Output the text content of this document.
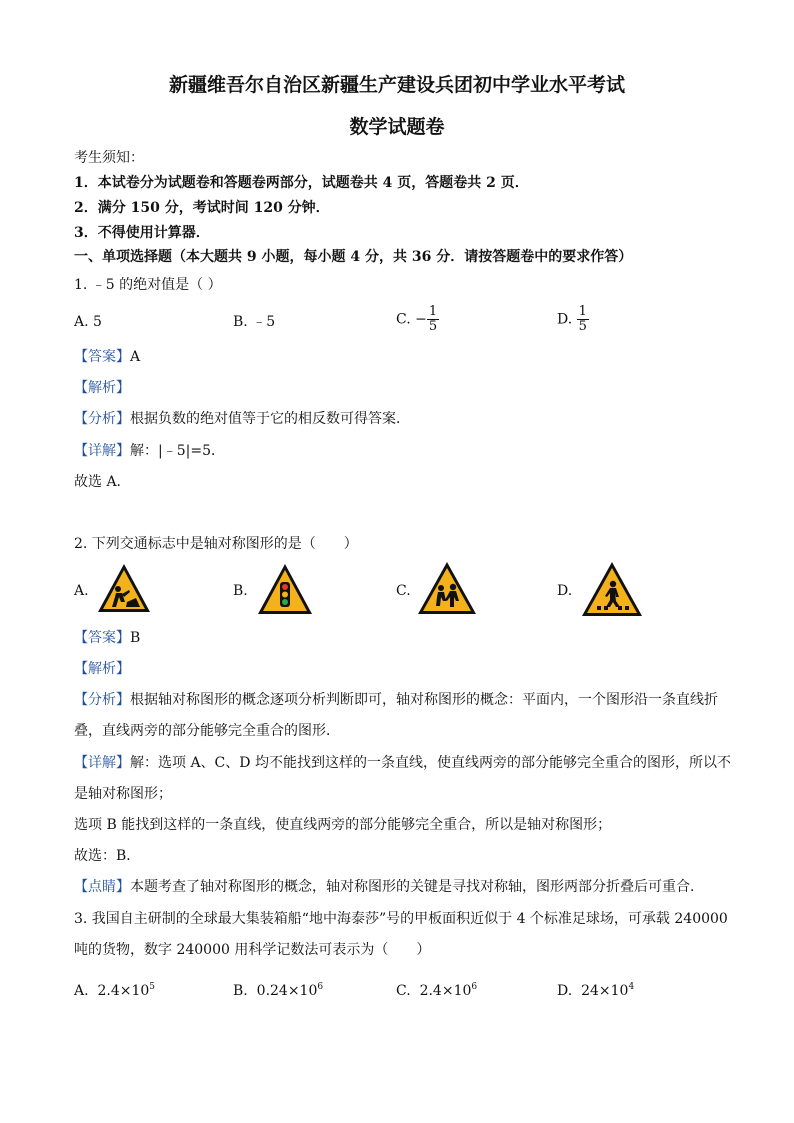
新疆维吾尔自治区新疆生产建设兵团初中学业水平考试
数学试题卷
考生须知：
1．本试卷分为试题卷和答题卷两部分，试题卷共 4 页，答题卷共 2 页．
2．满分 150 分，考试时间 120 分钟．
3．不得使用计算器．
一、单项选择题（本大题共 9 小题，每小题 4 分，共 36 分．请按答题卷中的要求作答）
1. ﹣5 的绝对值是（ ）
A. 5	B. ﹣5	C. − $\frac{1}{5}$	D. $\frac{1}{5}$
【答案】A
【解析】
【分析】根据负数的绝对值等于它的相反数可得答案．
【详解】解：|﹣5|=5．
故选 A．
2. 下列交通标志中是轴对称图形的是（　　）
A.	B.	C.	D.
【答案】B
【解析】
【分析】根据轴对称图形的概念逐项分析判断即可，轴对称图形的概念：平面内，一个图形沿一条直线折
叠，直线两旁的部分能够完全重合的图形．
【详解】解：选项 A、C、D 均不能找到这样的一条直线，使直线两旁的部分能够完全重合的图形，所以不
是轴对称图形；
选项 B 能找到这样的一条直线，使直线两旁的部分能够完全重合，所以是轴对称图形；
故选：B．
【点睛】本题考查了轴对称图形的概念，轴对称图形的关键是寻找对称轴，图形两部分折叠后可重合．
3. 我国自主研制的全球最大集装箱船“地中海泰莎”号的甲板面积近似于 4 个标准足球场，可承载 240000
吨的货物，数字 240000 用科学记数法可表示为（　　）
A. $2.4\times 10^5$	B. $0.24\times 10^6$	C. $2.4\times 10^6$	D. $24\times 10^4$
